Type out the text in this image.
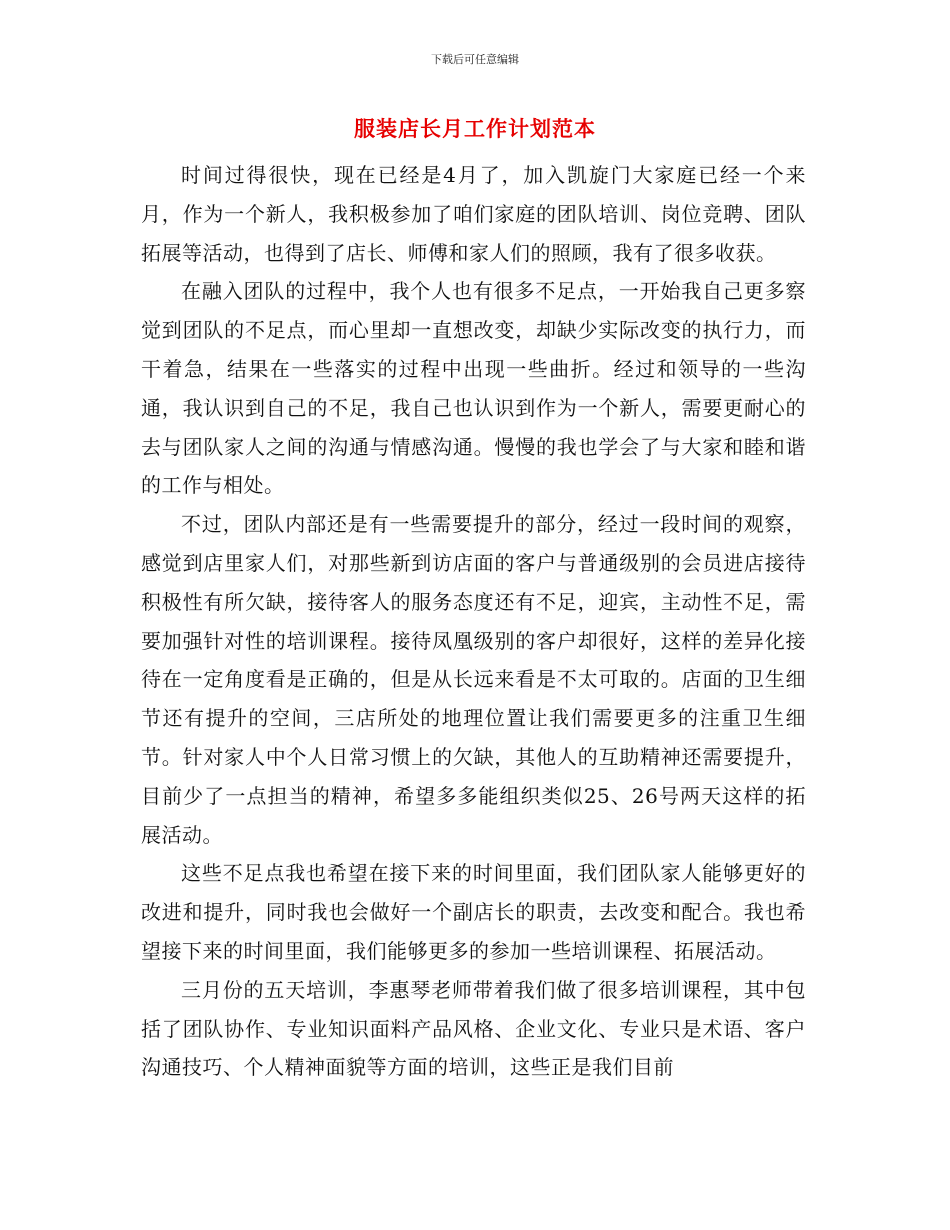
下载后可任意编辑
服装店长月工作计划范本

时间过得很快，现在已经是4月了，加入凯旋门大家庭已经一个来月，作为一个新人，我积极参加了咱们家庭的团队培训、岗位竞聘、团队拓展等活动，也得到了店长、师傅和家人们的照顾，我有了很多收获。

在融入团队的过程中，我个人也有很多不足点，一开始我自己更多察觉到团队的不足点，而心里却一直想改变，却缺少实际改变的执行力，而干着急，结果在一些落实的过程中出现一些曲折。经过和领导的一些沟通，我认识到自己的不足，我自己也认识到作为一个新人，需要更耐心的去与团队家人之间的沟通与情感沟通。慢慢的我也学会了与大家和睦和谐的工作与相处。

不过，团队内部还是有一些需要提升的部分，经过一段时间的观察，感觉到店里家人们，对那些新到访店面的客户与普通级别的会员进店接待积极性有所欠缺，接待客人的服务态度还有不足，迎宾，主动性不足，需要加强针对性的培训课程。接待凤凰级别的客户却很好，这样的差异化接待在一定角度看是正确的，但是从长远来看是不太可取的。店面的卫生细节还有提升的空间，三店所处的地理位置让我们需要更多的注重卫生细节。针对家人中个人日常习惯上的欠缺，其他人的互助精神还需要提升，目前少了一点担当的精神，希望多多能组织类似25、26号两天这样的拓展活动。

这些不足点我也希望在接下来的时间里面，我们团队家人能够更好的改进和提升，同时我也会做好一个副店长的职责，去改变和配合。我也希望接下来的时间里面，我们能够更多的参加一些培训课程、拓展活动。

三月份的五天培训，李惠琴老师带着我们做了很多培训课程，其中包括了团队协作、专业知识面料产品风格、企业文化、专业只是术语、客户沟通技巧、个人精神面貌等方面的培训，这些正是我们目前
